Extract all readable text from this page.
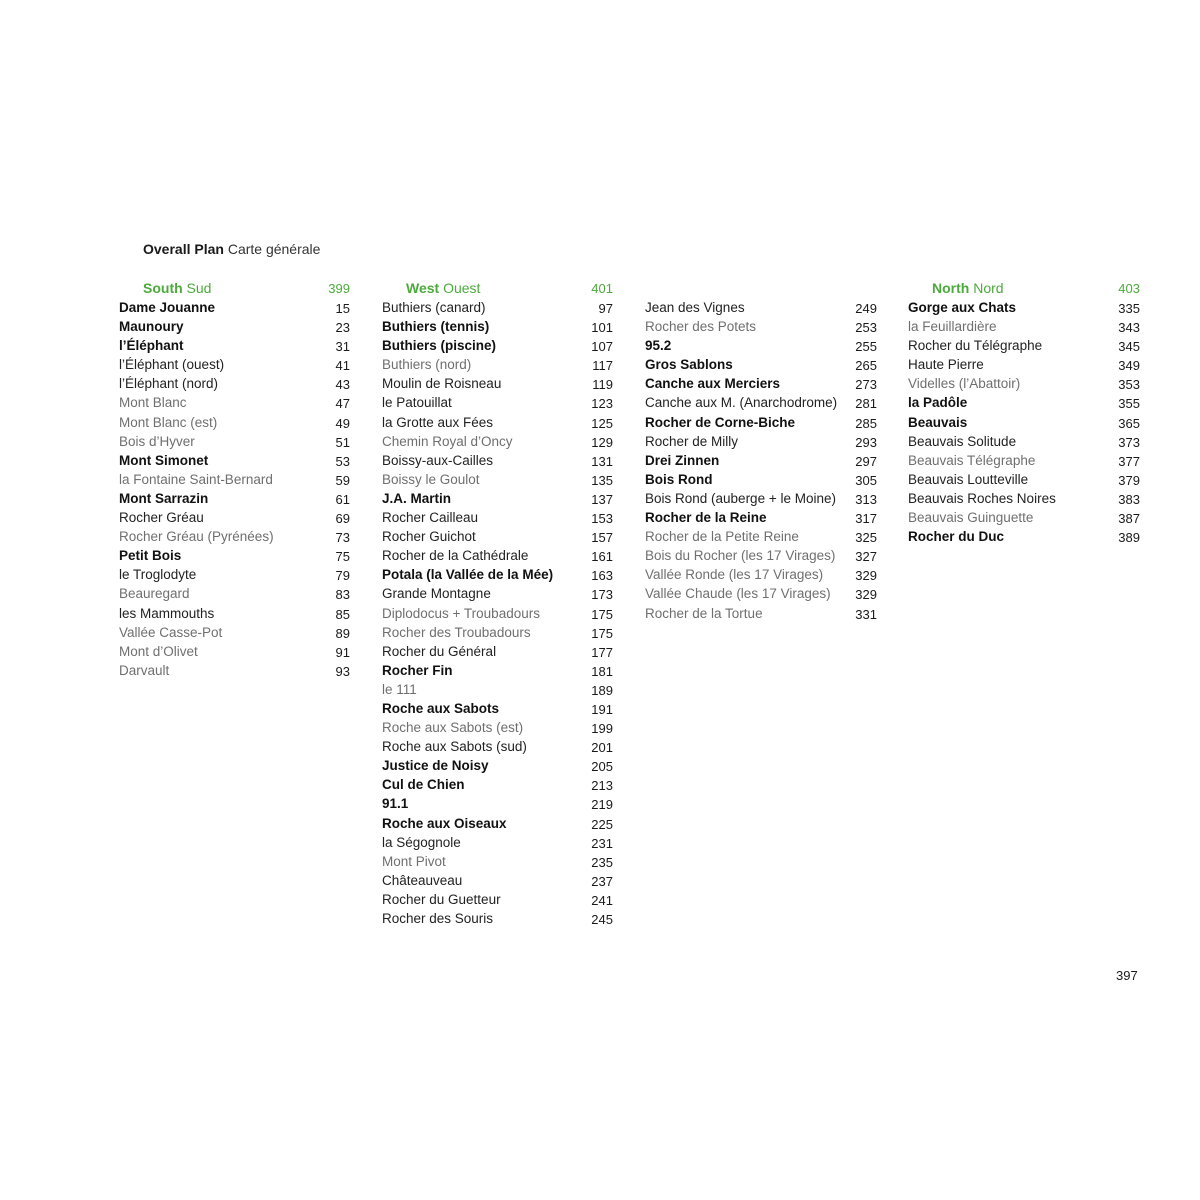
Overall Plan Carte générale
South Sud	399
Dame Jouanne	15
Maunoury	23
l’Éléphant	31
l’Éléphant (ouest)	41
l’Éléphant (nord)	43
Mont Blanc	47
Mont Blanc (est)	49
Bois d’Hyver	51
Mont Simonet	53
la Fontaine Saint-Bernard	59
Mont Sarrazin	61
Rocher Gréau	69
Rocher Gréau (Pyrénées)	73
Petit Bois	75
le Troglodyte	79
Beauregard	83
les Mammouths	85
Vallée Casse-Pot	89
Mont d’Olivet	91
Darvault	93
West Ouest	401
Buthiers (canard)	97
Buthiers (tennis)	101
Buthiers (piscine)	107
Buthiers (nord)	117
Moulin de Roisneau	119
le Patouillat	123
la Grotte aux Fées	125
Chemin Royal d’Oncy	129
Boissy-aux-Cailles	131
Boissy le Goulot	135
J.A. Martin	137
Rocher Cailleau	153
Rocher Guichot	157
Rocher de la Cathédrale	161
Potala (la Vallée de la Mée)	163
Grande Montagne	173
Diplodocus + Troubadours	175
Rocher des Troubadours	175
Rocher du Général	177
Rocher Fin	181
le 111	189
Roche aux Sabots	191
Roche aux Sabots (est)	199
Roche aux Sabots (sud)	201
Justice de Noisy	205
Cul de Chien	213
91.1	219
Roche aux Oiseaux	225
la Ségognole	231
Mont Pivot	235
Châteauveau	237
Rocher du Guetteur	241
Rocher des Souris	245
Jean des Vignes	249
Rocher des Potets	253
95.2	255
Gros Sablons	265
Canche aux Merciers	273
Canche aux M. (Anarchodrome) 281
Rocher de Corne-Biche	285
Rocher de Milly	293
Drei Zinnen	297
Bois Rond	305
Bois Rond (auberge + le Moine) 313
Rocher de la Reine	317
Rocher de la Petite Reine	325
Bois du Rocher (les 17 Virages) 327
Vallée Ronde (les 17 Virages) 329
Vallée Chaude (les 17 Virages) 329
Rocher de la Tortue	331
North Nord	403
Gorge aux Chats	335
la Feuillardière	343
Rocher du Télégraphe	345
Haute Pierre	349
Videlles (l’Abattoir)	353
la Padôle	355
Beauvais	365
Beauvais Solitude	373
Beauvais Télégraphe	377
Beauvais Loutteville	379
Beauvais Roches Noires	383
Beauvais Guinguette	387
Rocher du Duc	389
397
